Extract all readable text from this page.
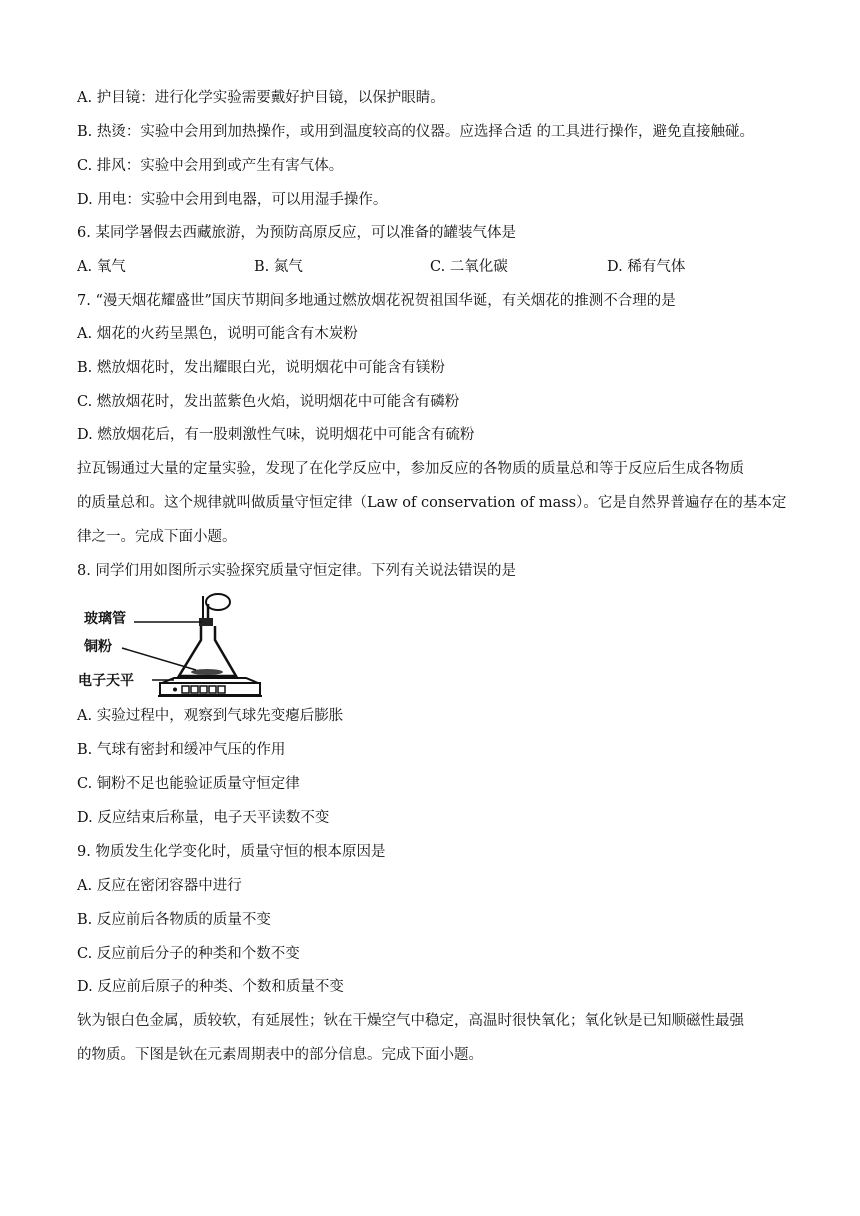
A. 护目镜：进行化学实验需要戴好护目镜，以保护眼睛。
B. 热烫：实验中会用到加热操作，或用到温度较高的仪器。应选择合适 的工具进行操作，避免直接触碰。
C. 排风：实验中会用到或产生有害气体。
D. 用电：实验中会用到电器，可以用湿手操作。
6. 某同学暑假去西藏旅游，为预防高原反应，可以准备的罐装气体是
A. 氧气	B. 氮气	C. 二氧化碳	D. 稀有气体
7. “漫天烟花耀盛世”国庆节期间多地通过燃放烟花祝贺祖国华诞，有关烟花的推测不合理的是
A. 烟花的火药呈黑色，说明可能含有木炭粉
B. 燃放烟花时，发出耀眼白光，说明烟花中可能含有镁粉
C. 燃放烟花时，发出蓝紫色火焰，说明烟花中可能含有磷粉
D. 燃放烟花后，有一股刺激性气味，说明烟花中可能含有硫粉
拉瓦锡通过大量的定量实验，发现了在化学反应中，参加反应的各物质的质量总和等于反应后生成各物质
的质量总和。这个规律就叫做质量守恒定律（Law of conservation of mass）。它是自然界普遍存在的基本定
律之一。完成下面小题。
8. 同学们用如图所示实验探究质量守恒定律。下列有关说法错误的是
玻璃管
铜粉
电子天平
A. 实验过程中，观察到气球先变瘪后膨胀
B. 气球有密封和缓冲气压的作用
C. 铜粉不足也能验证质量守恒定律
D. 反应结束后称量，电子天平读数不变
9. 物质发生化学变化时，质量守恒的根本原因是
A. 反应在密闭容器中进行
B. 反应前后各物质的质量不变
C. 反应前后分子的种类和个数不变
D. 反应前后原子的种类、个数和质量不变
钬为银白色金属，质较软，有延展性；钬在干燥空气中稳定，高温时很快氧化；氧化钬是已知顺磁性最强
的物质。下图是钬在元素周期表中的部分信息。完成下面小题。
